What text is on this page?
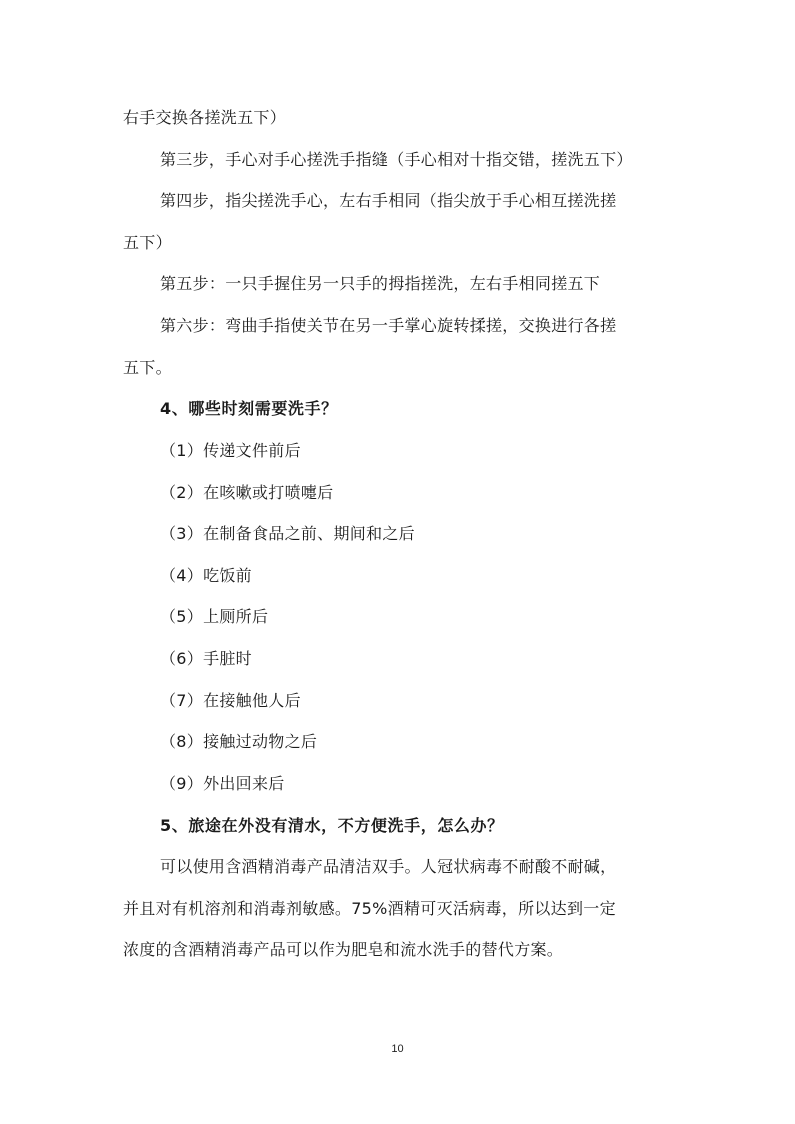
右手交换各搓洗五下）
第三步，手心对手心搓洗手指缝（手心相对十指交错，搓洗五下）
第四步，指尖搓洗手心，左右手相同（指尖放于手心相互搓洗搓
五下）
第五步：一只手握住另一只手的拇指搓洗，左右手相同搓五下
第六步：弯曲手指使关节在另一手掌心旋转揉搓，交换进行各搓
五下。
4、哪些时刻需要洗手？
（1）传递文件前后
（2）在咳嗽或打喷嚏后
（3）在制备食品之前、期间和之后
（4）吃饭前
（5）上厕所后
（6）手脏时
（7）在接触他人后
（8）接触过动物之后
（9）外出回来后
5、旅途在外没有清水，不方便洗手，怎么办？
可以使用含酒精消毒产品清洁双手。人冠状病毒不耐酸不耐碱，
并且对有机溶剂和消毒剂敏感。75%酒精可灭活病毒，所以达到一定
浓度的含酒精消毒产品可以作为肥皂和流水洗手的替代方案。
10
